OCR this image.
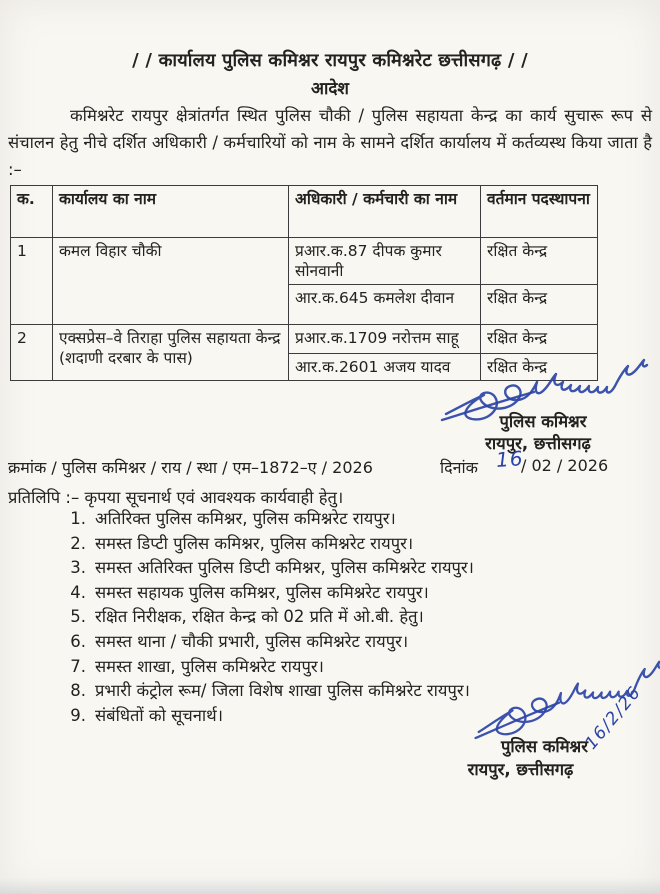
/ / कार्यालय पुलिस कमिश्नर रायपुर कमिश्नरेट छत्तीसगढ़ / /
आदेश

कमिश्नरेट रायपुर क्षेत्रांतर्गत स्थित पुलिस चौकी / पुलिस सहायता केन्द्र का कार्य सुचारू रूप से संचालन हेतु नीचे दर्शित अधिकारी / कर्मचारियों को नाम के सामने दर्शित कार्यालय में कर्तव्यस्थ किया जाता है :–

क.	कार्यालय का नाम	अधिकारी / कर्मचारी का नाम	वर्तमान पदस्थापना
1	कमल विहार चौकी	प्रआर.क.87 दीपक कुमार सोनवानी	रक्षित केन्द्र
		आर.क.645 कमलेश दीवान	रक्षित केन्द्र
2	एक्सप्रेस–वे तिराहा पुलिस सहायता केन्द्र (शदाणी दरबार के पास)	प्रआर.क.1709 नरोत्तम साहू	रक्षित केन्द्र
		आर.क.2601 अजय यादव	रक्षित केन्द्र
पुलिस कमिश्नर
रायपुर, छत्तीसगढ़
क्रमांक / पुलिस कमिश्नर / राय / स्था / एम–1872–ए / 2026	दिनांक 16
/ 02 / 2026
प्रतिलिपि :– कृपया सूचनार्थ एवं आवश्यक कार्यवाही हेतु।
1. अतिरिक्त पुलिस कमिश्नर, पुलिस कमिश्नरेट रायपुर।
2. समस्त डिप्टी पुलिस कमिश्नर, पुलिस कमिश्नरेट रायपुर।
3. समस्त अतिरिक्त पुलिस डिप्टी कमिश्नर, पुलिस कमिश्नरेट रायपुर।
4. समस्त सहायक पुलिस कमिश्नर, पुलिस कमिश्नरेट रायपुर।
5. रक्षित निरीक्षक, रक्षित केन्द्र को 02 प्रति में ओ.बी. हेतु।
6. समस्त थाना / चौकी प्रभारी, पुलिस कमिश्नरेट रायपुर।
7. समस्त शाखा, पुलिस कमिश्नरेट रायपुर।
8. प्रभारी कंट्रोल रूम/ जिला विशेष शाखा पुलिस कमिश्नरेट रायपुर।
9. संबंधितों को सूचनार्थ।	16/2/26
पुलिस कमिश्नर
रायपुर, छत्तीसगढ़
